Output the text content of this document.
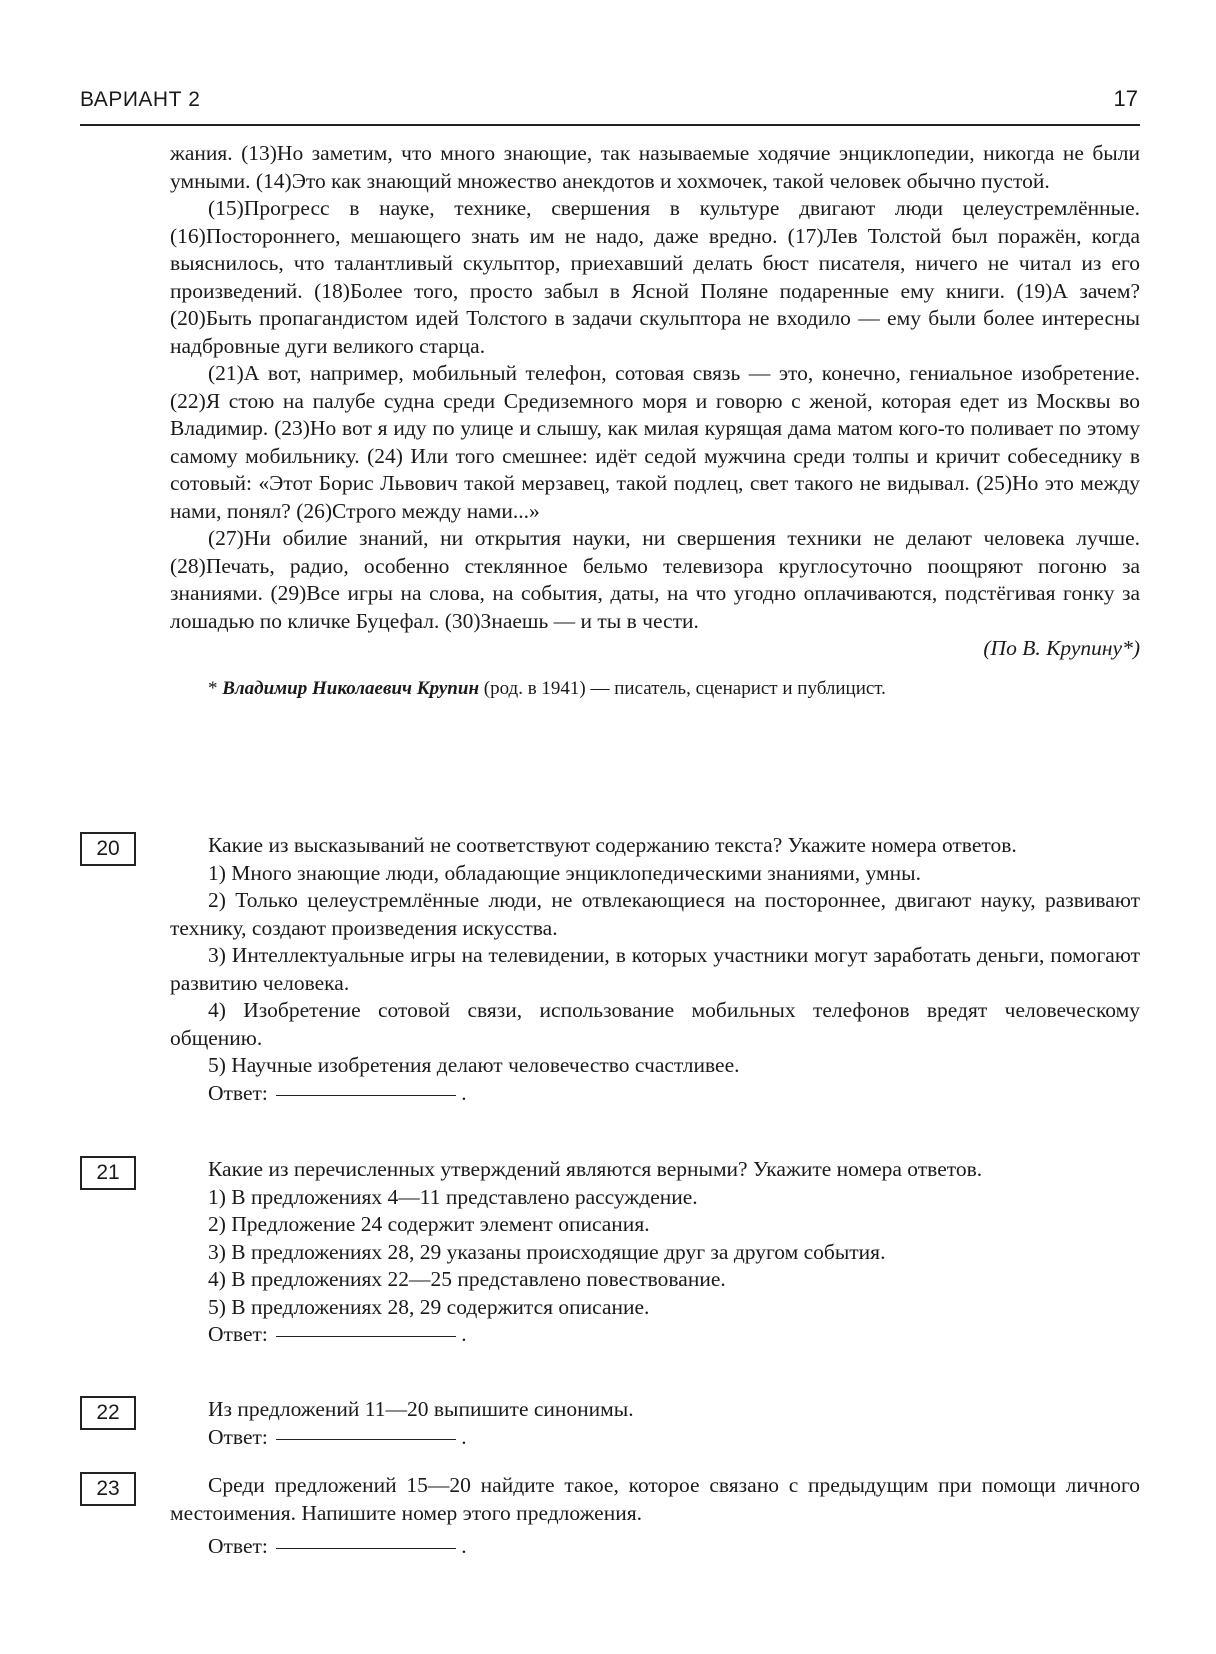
ВАРИАНТ 2	17

жания. (13)Но заметим, что много знающие, так называемые ходячие энциклопедии, никогда не были умными. (14)Это как знающий множество анекдотов и хохмочек, такой человек обычно пустой.

(15)Прогресс в науке, технике, свершения в культуре двигают люди целеустремлённые. (16)Постороннего, мешающего знать им не надо, даже вредно. (17)Лев Толстой был поражён, когда выяснилось, что талантливый скульптор, приехавший делать бюст писателя, ничего не читал из его произведений. (18)Более того, просто забыл в Ясной Поляне подаренные ему книги. (19)А зачем? (20)Быть пропагандистом идей Толстого в задачи скульптора не входило — ему были более интересны надбровные дуги великого старца.

(21)А вот, например, мобильный телефон, сотовая связь — это, конечно, гениальное изобретение. (22)Я стою на палубе судна среди Средиземного моря и говорю с женой, которая едет из Москвы во Владимир. (23)Но вот я иду по улице и слышу, как милая курящая дама матом кого-то поливает по этому самому мобильнику. (24) Или того смешнее: идёт седой мужчина среди толпы и кричит собеседнику в сотовый: «Этот Борис Львович такой мерзавец, такой подлец, свет такого не видывал. (25)Но это между нами, понял? (26)Строго между нами...»

(27)Ни обилие знаний, ни открытия науки, ни свершения техники не делают человека лучше. (28)Печать, радио, особенно стеклянное бельмо телевизора круглосуточно поощряют погоню за знаниями. (29)Все игры на слова, на события, даты, на что угодно оплачиваются, подстёгивая гонку за лошадью по кличке Буцефал. (30)Знаешь — и ты в чести.

(По В. Крупину*)

* Владимир Николаевич Крупин (род. в 1941) — писатель, сценарист и публицист.

20	Какие из высказываний не соответствуют содержанию текста? Укажите номера ответов.

1) Много знающие люди, обладающие энциклопедическими знаниями, умны.

2) Только целеустремлённые люди, не отвлекающиеся на постороннее, двигают науку, развивают технику, создают произведения искусства.

3) Интеллектуальные игры на телевидении, в которых участники могут заработать деньги, помогают развитию человека.

4) Изобретение сотовой связи, использование мобильных телефонов вредят человеческому общению.

5) Научные изобретения делают человечество счастливее.

Ответ:	.

21	Какие из перечисленных утверждений являются верными? Укажите номера ответов.

1) В предложениях 4—11 представлено рассуждение.

2) Предложение 24 содержит элемент описания.

3) В предложениях 28, 29 указаны происходящие друг за другом события.

4) В предложениях 22—25 представлено повествование.

5) В предложениях 28, 29 содержится описание.

Ответ:	.

22	Из предложений 11—20 выпишите синонимы.

Ответ:	.

23	Среди предложений 15—20 найдите такое, которое связано с предыдущим при помощи личного местоимения. Напишите номер этого предложения.

Ответ:	.
